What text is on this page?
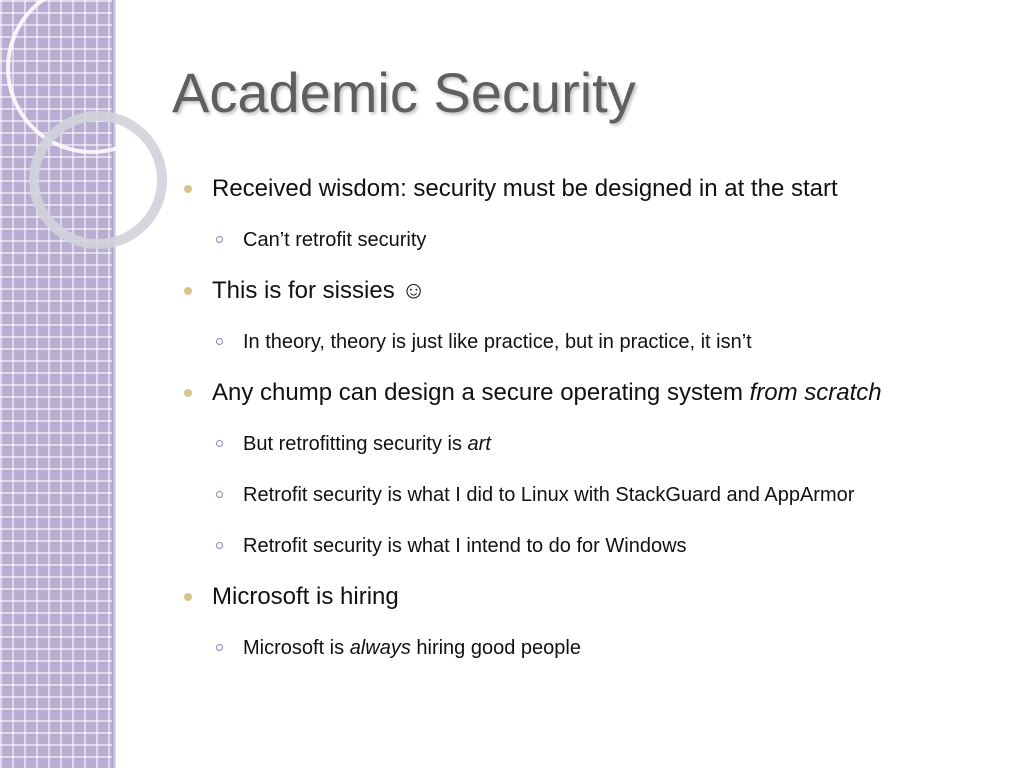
Academic Security
Received wisdom: security must be designed in at the start
Can’t retrofit security
This is for sissies ☺
In theory, theory is just like practice, but in practice, it isn’t
Any chump can design a secure operating system from scratch
But retrofitting security is art
Retrofit security is what I did to Linux with StackGuard and AppArmor
Retrofit security is what I intend to do for Windows
Microsoft is hiring
Microsoft is always hiring good people
